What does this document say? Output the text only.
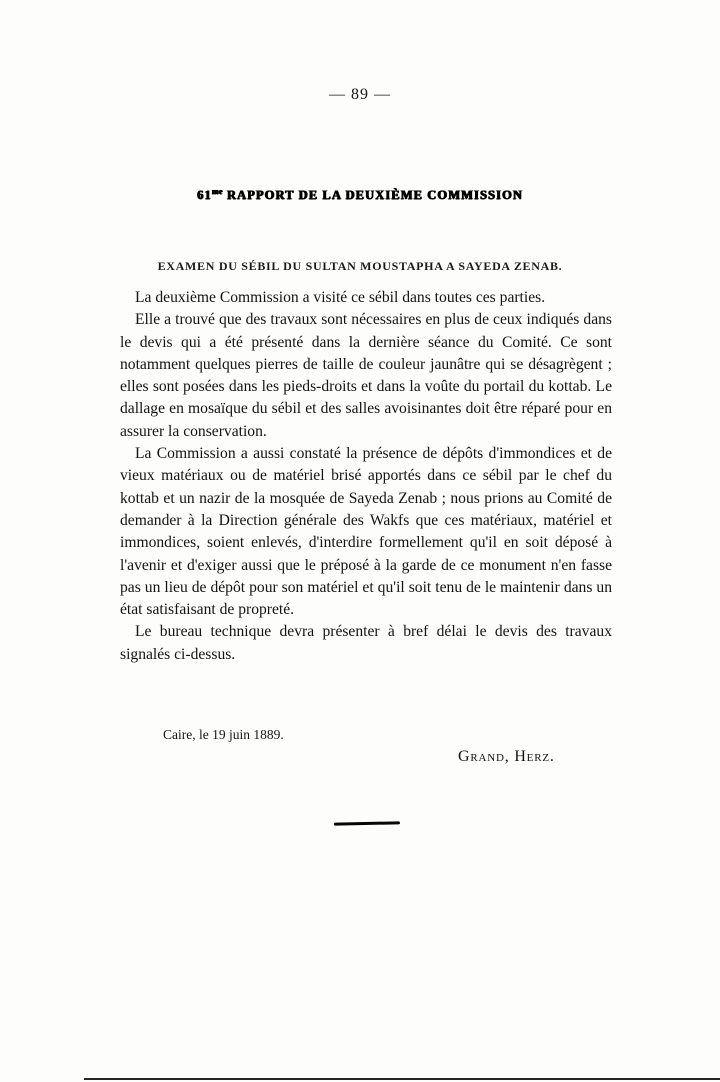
— 89 —
$61^{me}$ RAPPORT DE LA DEUXIÈME COMMISSION
EXAMEN DU SÉBIL DU SULTAN MOUSTAPHA A SAYEDA ZENAB.

La deuxième Commission a visité ce sébil dans toutes ces parties.

Elle a trouvé que des travaux sont nécessaires en plus de ceux indiqués dans le devis qui a été présenté dans la dernière séance du Comité. Ce sont notamment quelques pierres de taille de couleur jaunâtre qui se désagrègent ; elles sont posées dans les pieds-droits et dans la voûte du portail du kottab. Le dallage en mosaïque du sébil et des salles avoisinantes doit être réparé pour en assurer la conservation.

La Commission a aussi constaté la présence de dépôts d'immondices et de vieux matériaux ou de matériel brisé apportés dans ce sébil par le chef du kottab et un nazir de la mosquée de Sayeda Zenab ; nous prions au Comité de demander à la Direction générale des Wakfs que ces matériaux, matériel et immondices, soient enlevés, d'interdire formellement qu'il en soit déposé à l'avenir et d'exiger aussi que le préposé à la garde de ce monument n'en fasse pas un lieu de dépôt pour son matériel et qu'il soit tenu de le maintenir dans un état satisfaisant de propreté.

Le bureau technique devra présenter à bref délai le devis des travaux signalés ci-dessus.

Caire, le 19 juin 1889.
Grand, Herz.
